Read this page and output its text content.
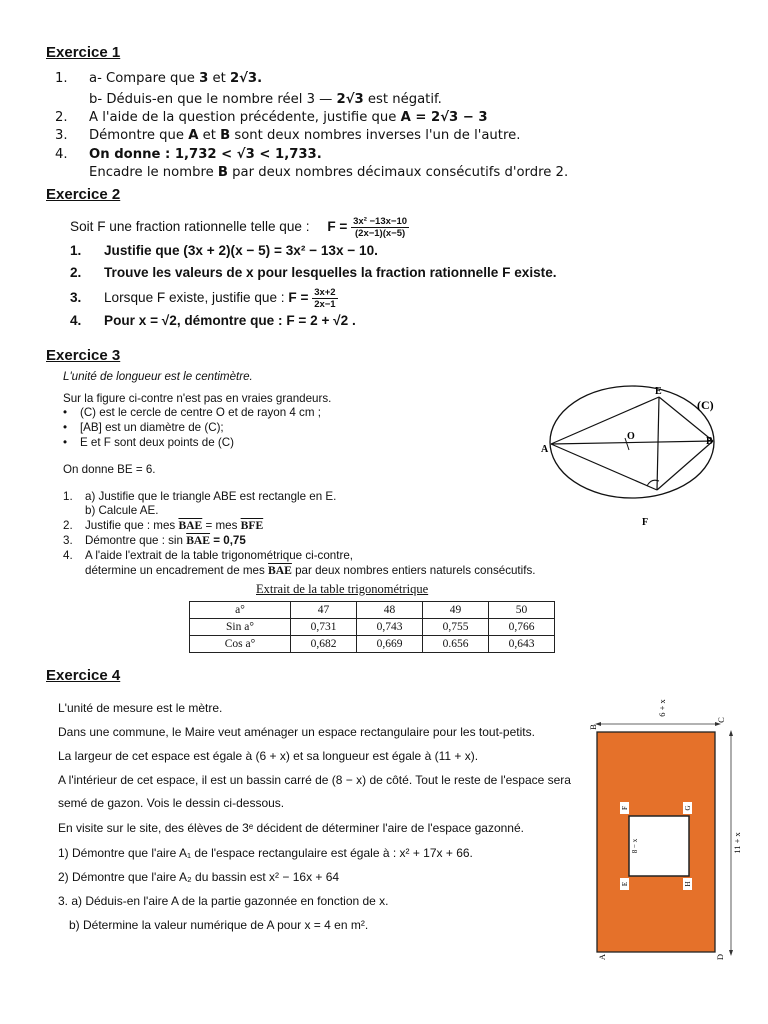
Exercice 1
1. a- Compare que 3 et 2√3.
b- Déduis-en que le nombre réel 3 — 2√3 est négatif.
2. A l'aide de la question précédente, justifie que A = 2√3 − 3
3. Démontre que A et B sont deux nombres inverses l'un de l'autre.
4. On donne : 1,732 < √3 < 1,733.
Encadre le nombre B par deux nombres décimaux consécutifs d'ordre 2.
Exercice 2
Soit F une fraction rationnelle telle que : $F = \frac{\text{3x² −13x−10}}{(2x-1)(x-5)}$
1. Justifie que (3x + 2)(x − 5) = 3x² − 13x − 10.
2. Trouve les valeurs de x pour lesquelles la fraction rationnelle F existe.
3. Lorsque F existe, justifie que : $F = \frac{3x+2}{2x-1}$
4. Pour x = √2, démontre que : F = 2 + √2 .
Exercice 3
L'unité de longueur est le centimètre.
Sur la figure ci-contre n'est pas en vraies grandeurs.
•    (C) est le cercle de centre O et de rayon 4 cm ;
•    [AB] est un diamètre de (C);
•    E et F sont deux points de (C)
On donne BE = 6.
1. a) Justifie que le triangle ABE est rectangle en E.
b) Calcule AE.
2. Justifie que : mes $\overline{BAE}$ = mes $\overline{BFE}$
3. Démontre que : $\sin \overline{BAE} = 0,75$
4. A l'aide l'extrait de la table trigonométrique ci-contre,
détermine un encadrement de mes $\overline{BAE}$ par deux nombres entiers naturels consécutifs.
Extrait de la table trigonométrique
a°	47	48	49	50
Sin a°	0,731	0,743	0,755	0,766
Cos a°	0,682	0,669	0.656	0,643
E
(C)
O
A
B
F
Exercice 4
L'unité de mesure est le mètre.
Dans une commune, le Maire veut aménager un espace rectangulaire pour les tout-petits.
La largeur de cet espace est égale à (6 + x) et sa longueur est égale à (11 + x).
A l'intérieur de cet espace, il est un bassin carré de (8 − x) de côté. Tout le reste de l'espace sera
semé de gazon. Vois le dessin ci-dessous.
En visite sur le site, des élèves de 3ᵉ décident de déterminer l'aire de l'espace gazonné.
1) Démontre que l'aire A₁ de l'espace rectangulaire est égale à : x² + 17x + 66.
2) Démontre que l'aire A₂ du bassin est x² − 16x + 64
3. a) Déduis-en l'aire A de la partie gazonnée en fonction de x.
b) Détermine la valeur numérique de A pour x = 4 en m².
6 + x
11 + x
8 − x
F	G
E	H
B
C
A	D
